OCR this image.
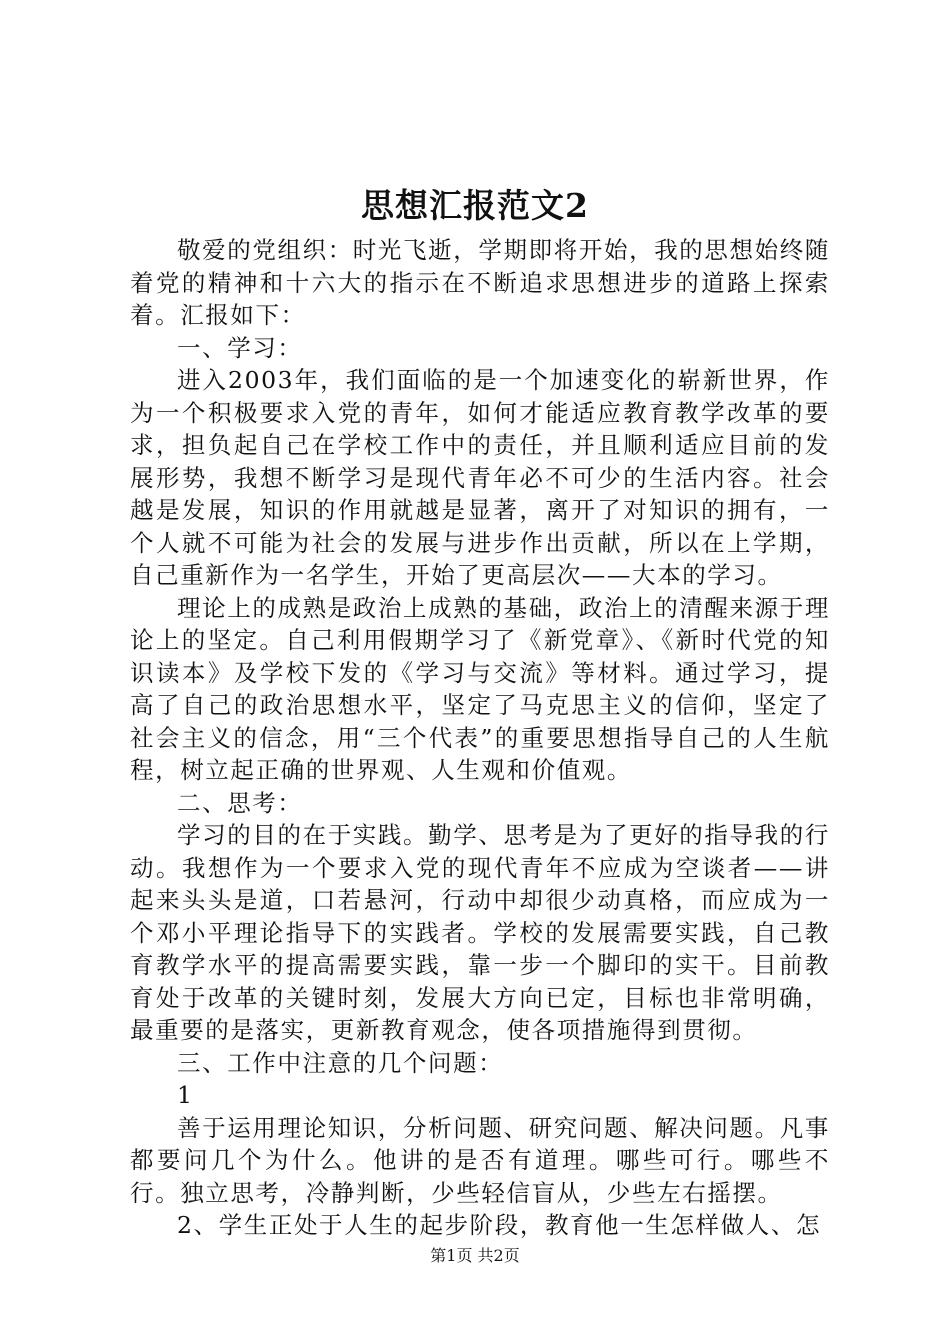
思想汇报范文2

敬爱的党组织：时光飞逝，学期即将开始，我的思想始终随着党的精神和十六大的指示在不断追求思想进步的道路上探索着。汇报如下：

一、学习：

进入2003年，我们面临的是一个加速变化的崭新世界，作为一个积极要求入党的青年，如何才能适应教育教学改革的要求，担负起自己在学校工作中的责任，并且顺利适应目前的发展形势，我想不断学习是现代青年必不可少的生活内容。社会越是发展，知识的作用就越是显著，离开了对知识的拥有，一个人就不可能为社会的发展与进步作出贡献，所以在上学期，自己重新作为一名学生，开始了更高层次——大本的学习。

理论上的成熟是政治上成熟的基础，政治上的清醒来源于理论上的坚定。自己利用假期学习了《新党章》、《新时代党的知识读本》及学校下发的《学习与交流》等材料。通过学习，提高了自己的政治思想水平，坚定了马克思主义的信仰，坚定了社会主义的信念，用“三个代表”的重要思想指导自己的人生航程，树立起正确的世界观、人生观和价值观。

二、思考：

学习的目的在于实践。勤学、思考是为了更好的指导我的行动。我想作为一个要求入党的现代青年不应成为空谈者——讲起来头头是道，口若悬河，行动中却很少动真格，而应成为一个邓小平理论指导下的实践者。学校的发展需要实践，自己教育教学水平的提高需要实践，靠一步一个脚印的实干。目前教育处于改革的关键时刻，发展大方向已定，目标也非常明确，最重要的是落实，更新教育观念，使各项措施得到贯彻。

三、工作中注意的几个问题：

1

善于运用理论知识，分析问题、研究问题、解决问题。凡事都要问几个为什么。他讲的是否有道理。哪些可行。哪些不行。独立思考，冷静判断，少些轻信盲从，少些左右摇摆。

2、学生正处于人生的起步阶段，教育他一生怎样做人、怎

第1页 共2页
